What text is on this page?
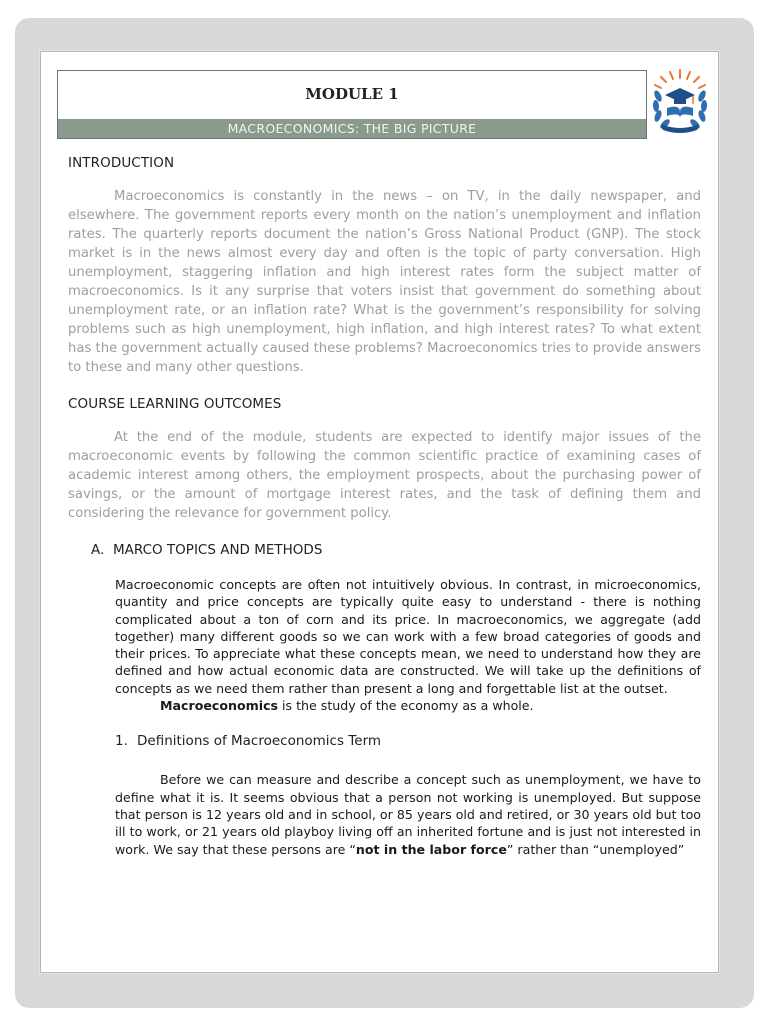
MODULE 1
MACROECONOMICS: THE BIG PICTURE
INTRODUCTION

Macroeconomics is constantly in the news – on TV, in the daily newspaper, and elsewhere. The government reports every month on the nation’s unemployment and inflation rates. The quarterly reports document the nation’s Gross National Product (GNP). The stock market is in the news almost every day and often is the topic of party conversation. High unemployment, staggering inflation and high interest rates form the subject matter of macroeconomics. Is it any surprise that voters insist that government do something about unemployment rate, or an inflation rate? What is the government’s responsibility for solving problems such as high unemployment, high inflation, and high interest rates? To what extent has the government actually caused these problems? Macroeconomics tries to provide answers to these and many other questions.

COURSE LEARNING OUTCOMES

At the end of the module, students are expected to identify major issues of the macroeconomic events by following the common scientific practice of examining cases of academic interest among others, the employment prospects, about the purchasing power of savings, or the amount of mortgage interest rates, and the task of defining them and considering the relevance for government policy.

A. MARCO TOPICS AND METHODS

Macroeconomic concepts are often not intuitively obvious. In contrast, in microeconomics, quantity and price concepts are typically quite easy to understand - there is nothing complicated about a ton of corn and its price. In macroeconomics, we aggregate (add together) many different goods so we can work with a few broad categories of goods and their prices. To appreciate what these concepts mean, we need to understand how they are defined and how actual economic data are constructed. We will take up the definitions of concepts as we need them rather than present a long and forgettable list at the outset.

Macroeconomics is the study of the economy as a whole.

1. Definitions of Macroeconomics Term

Before we can measure and describe a concept such as unemployment, we have to define what it is. It seems obvious that a person not working is unemployed. But suppose that person is 12 years old and in school, or 85 years old and retired, or 30 years old but too ill to work, or 21 years old playboy living off an inherited fortune and is just not interested in work. We say that these persons are “not in the labor force” rather than “unemployed”
